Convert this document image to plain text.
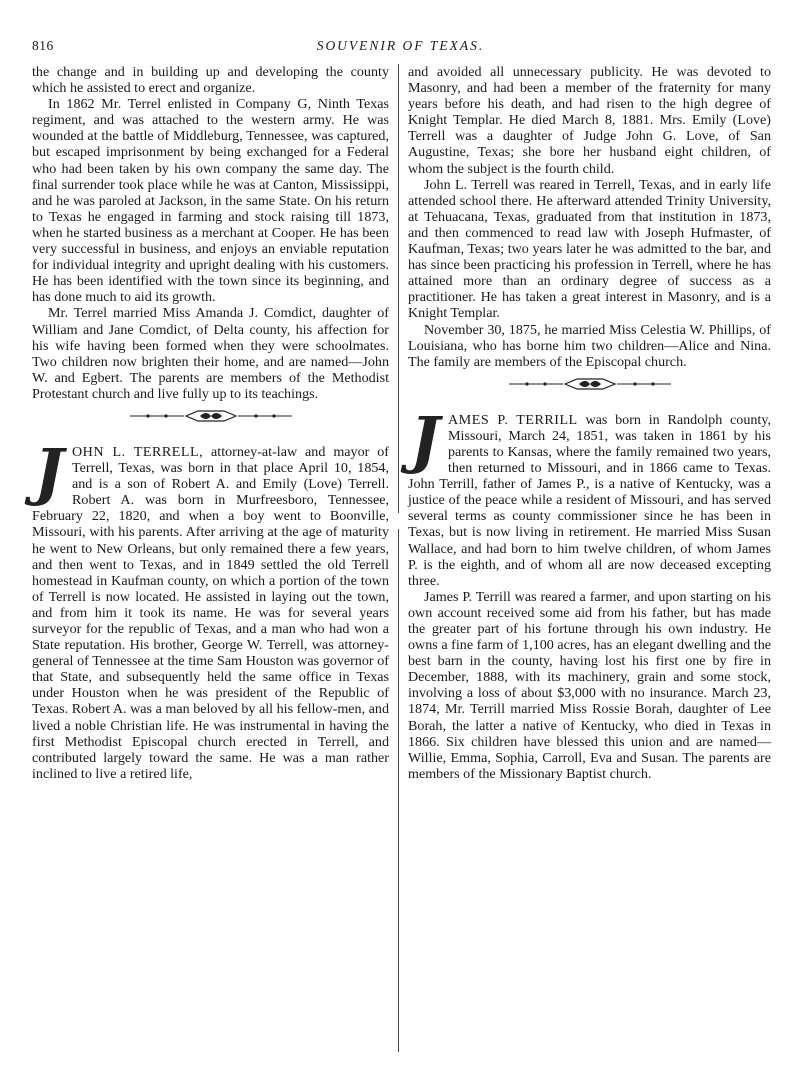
816	SOUVENIR OF TEXAS.

the change and in building up and developing the county which he assisted to erect and organize.

In 1862 Mr. Terrel enlisted in Company G, Ninth Texas regiment, and was attached to the western army. He was wounded at the battle of Middleburg, Tennessee, was captured, but escaped imprisonment by being exchanged for a Federal who had been taken by his own company the same day. The final surrender took place while he was at Canton, Mississippi, and he was paroled at Jackson, in the same State. On his return to Texas he engaged in farming and stock raising till 1873, when he started business as a merchant at Cooper. He has been very successful in business, and enjoys an enviable reputation for individual integrity and upright dealing with his customers. He has been identified with the town since its beginning, and has done much to aid its growth.

Mr. Terrel married Miss Amanda J. Comdict, daughter of William and Jane Comdict, of Delta county, his affection for his wife having been formed when they were schoolmates. Two children now brighten their home, and are named—John W. and Egbert. The parents are members of the Methodist Protestant church and live fully up to its teachings.

JOHN L. TERRELL, attorney-at-law and mayor of Terrell, Texas, was born in that place April 10, 1854, and is a son of Robert A. and Emily (Love) Terrell. Robert A. was born in Murfreesboro, Tennessee, February 22, 1820, and when a boy went to Boonville, Missouri, with his parents. After arriving at the age of maturity he went to New Orleans, but only remained there a few years, and then went to Texas, and in 1849 settled the old Terrell homestead in Kaufman county, on which a portion of the town of Terrell is now located. He assisted in laying out the town, and from him it took its name. He was for several years surveyor for the republic of Texas, and a man who had won a State reputation. His brother, George W. Terrell, was attorney-general of Tennessee at the time Sam Houston was governor of that State, and subsequently held the same office in Texas under Houston when he was president of the Republic of Texas. Robert A. was a man beloved by all his fellow-men, and lived a noble Christian life. He was instrumental in having the first Methodist Episcopal church erected in Terrell, and contributed largely toward the same. He was a man rather inclined to live a retired life,

and avoided all unnecessary publicity. He was devoted to Masonry, and had been a member of the fraternity for many years before his death, and had risen to the high degree of Knight Templar. He died March 8, 1881. Mrs. Emily (Love) Terrell was a daughter of Judge John G. Love, of San Augustine, Texas; she bore her husband eight children, of whom the subject is the fourth child.

John L. Terrell was reared in Terrell, Texas, and in early life attended school there. He afterward attended Trinity University, at Tehuacana, Texas, graduated from that institution in 1873, and then commenced to read law with Joseph Hufmaster, of Kaufman, Texas; two years later he was admitted to the bar, and has since been practicing his profession in Terrell, where he has attained more than an ordinary degree of success as a practitioner. He has taken a great interest in Masonry, and is a Knight Templar.

November 30, 1875, he married Miss Celestia W. Phillips, of Louisiana, who has borne him two children—Alice and Nina. The family are members of the Episcopal church.

JAMES P. TERRILL was born in Randolph county, Missouri, March 24, 1851, was taken in 1861 by his parents to Kansas, where the family remained two years, then returned to Missouri, and in 1866 came to Texas. John Terrill, father of James P., is a native of Kentucky, was a justice of the peace while a resident of Missouri, and has served several terms as county commissioner since he has been in Texas, but is now living in retirement. He married Miss Susan Wallace, and had born to him twelve children, of whom James P. is the eighth, and of whom all are now deceased excepting three.

James P. Terrill was reared a farmer, and upon starting on his own account received some aid from his father, but has made the greater part of his fortune through his own industry. He owns a fine farm of 1,100 acres, has an elegant dwelling and the best barn in the county, having lost his first one by fire in December, 1888, with its machinery, grain and some stock, involving a loss of about $3,000 with no insurance. March 23, 1874, Mr. Terrill married Miss Rossie Borah, daughter of Lee Borah, the latter a native of Kentucky, who died in Texas in 1866. Six children have blessed this union and are named—Willie, Emma, Sophia, Carroll, Eva and Susan. The parents are members of the Missionary Baptist church.
